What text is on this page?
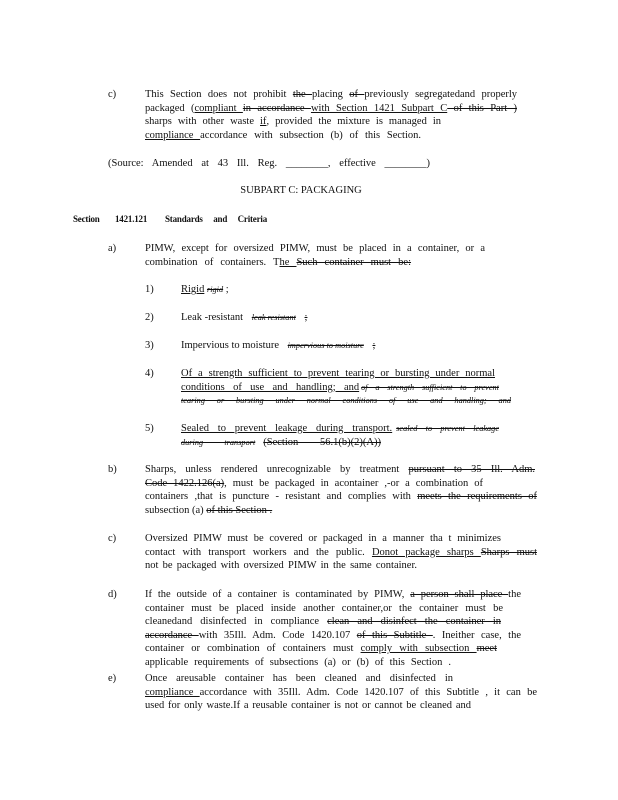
c)	This Section does not prohibit the placing of previously segregatedand properly
packaged (compliant in accordance with Section 1421 Subpart C of this Part )
sharps with other waste if, provided the mixture is managed in
compliance accordance with subsection (b) of this Section.
(Source: Amended at 43 Ill. Reg. ________, effective ________)
SUBPART C: PACKAGING
Section 1421.121 Standards and Criteria
a)	PIMW, except for oversized PIMW, must be placed in a container, or a
combination of containers. The Such container must be:
1)	Rigid rigid ;
2)	Leak -resistant leak resistant ;
3)	Impervious to moisture impervious to moisture ;
4)	Of a strength sufficient to prevent tearing or bursting under normal
conditions of use and handling; and of a strength sufficient to prevent
tearing or bursting under normal conditions of use and handling; and
5)	Sealed to prevent leakage during transport. sealed to prevent leakage
during transport (Section 56.1(b)(2)(A))
b)	Sharps, unless rendered unrecognizable by treatment pursuant to 35 Ill. Adm.
Code 1422.126(a), must be packaged in acontainer ,-or a combination of
containers ,that is puncture - resistant and complies with meets the requirements of
subsection (a) of this Section .
c)	Oversized PIMW must be covered or packaged in a manner tha t minimizes
contact with transport workers and the public. Donot package sharps Sharps must
not be packaged with oversized PIMW in the same container.
d)	If the outside of a container is contaminated by PIMW, a person shall place the
container must be placed inside another container,or the container must be
cleanedand disinfected in compliance clean and disinfect the container in
accordance with 35Ill. Adm. Code 1420.107 of this Subtitle . Ineither case, the
container or combination of containers must comply with subsection meet
applicable requirements of subsections (a) or (b) of this Section .
e)	Once areusable container has been cleaned and disinfected in
compliance accordance with 35Ill. Adm. Code 1420.107 of this Subtitle , it can be
used for only waste.If a reusable container is not or cannot be cleaned and
